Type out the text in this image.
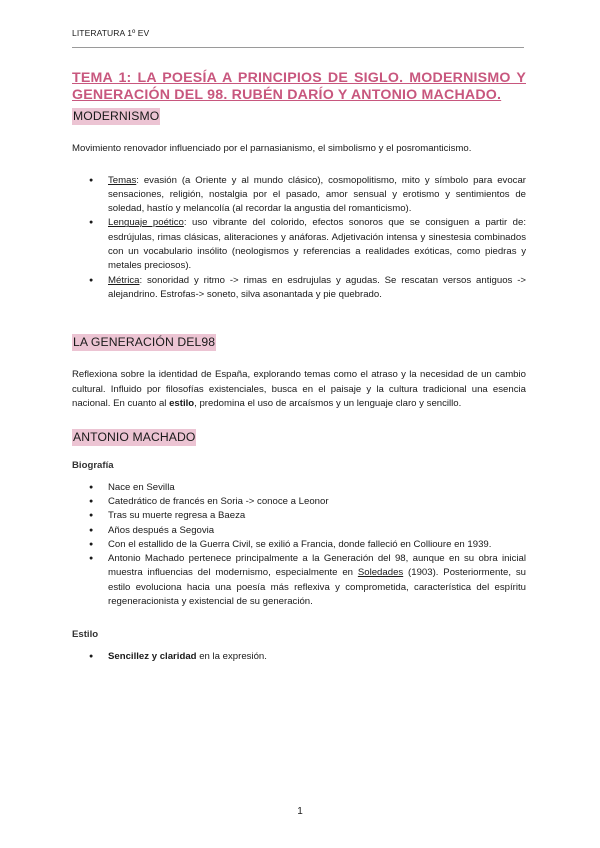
LITERATURA 1º EV
TEMA 1: LA POESÍA A PRINCIPIOS DE SIGLO. MODERNISMO Y GENERACIÓN DEL 98. RUBÉN DARÍO Y ANTONIO MACHADO.
MODERNISMO

Movimiento renovador influenciado por el parnasianismo, el simbolismo y el posromanticismo.

● Temas: evasión (a Oriente y al mundo clásico), cosmopolitismo, mito y símbolo para evocar sensaciones, religión, nostalgia por el pasado, amor sensual y erotismo y sentimientos de soledad, hastío y melancolía (al recordar la angustia del romanticismo).
● Lenguaje poético: uso vibrante del colorido, efectos sonoros que se consiguen a partir de: esdrújulas, rimas clásicas, aliteraciones y anáforas. Adjetivación intensa y sinestesia combinados con un vocabulario insólito (neologismos y referencias a realidades exóticas, como piedras y metales preciosos).
● Métrica: sonoridad y ritmo -> rimas en esdrujulas y agudas. Se rescatan versos antiguos -> alejandrino. Estrofas-> soneto, silva asonantada y pie quebrado.
LA GENERACIÓN DEL98

Reflexiona sobre la identidad de España, explorando temas como el atraso y la necesidad de un cambio cultural. Influido por filosofías existenciales, busca en el paisaje y la cultura tradicional una esencia nacional. En cuanto al estilo, predomina el uso de arcaísmos y un lenguaje claro y sencillo.

ANTONIO MACHADO
Biografía
● Nace en Sevilla
● Catedrático de francés en Soria -> conoce a Leonor
● Tras su muerte regresa a Baeza
● Años después a Segovia
● Con el estallido de la Guerra Civil, se exilió a Francia, donde falleció en Collioure en 1939.
● Antonio Machado pertenece principalmente a la Generación del 98, aunque en su obra inicial muestra influencias del modernismo, especialmente en Soledades (1903). Posteriormente, su estilo evoluciona hacia una poesía más reflexiva y comprometida, característica del espíritu regeneracionista y existencial de su generación.
Estilo
● Sencillez y claridad en la expresión.
1
